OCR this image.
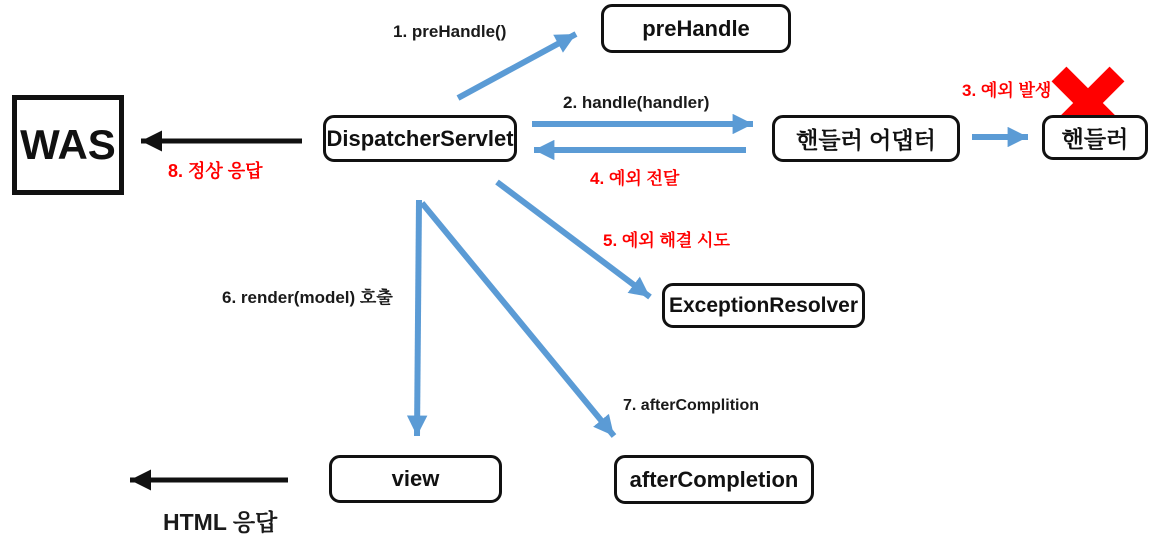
WAS	DispatcherServlet
preHandle
핸들러 어댑터	핸들러
ExceptionResolver
view	afterCompletion
1. preHandle()
2. handle(handler)
3. 예외 발생
4. 예외 전달
5. 예외 해결 시도
6. render(model) 호출
7. afterComplition
8. 정상 응답
HTML 응답
